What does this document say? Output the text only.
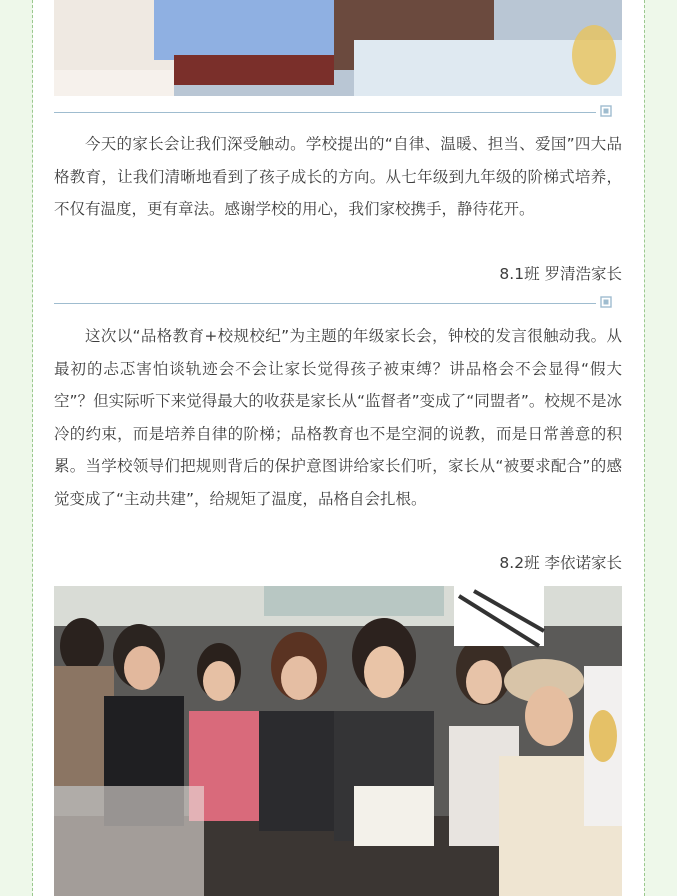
今天的家长会让我们深受触动。学校提出的“自律、温暖、担当、爱国”四大品格教育，让我们清晰地看到了孩子成长的方向。从七年级到九年级的阶梯式培养，不仅有温度，更有章法。感谢学校的用心，我们家校携手，静待花开。

8.1班 罗清浩家长

这次以“品格教育+校规校纪”为主题的年级家长会，钟校的发言很触动我。从最初的忐忑害怕谈轨迹会不会让家长觉得孩子被束缚？讲品格会不会显得“假大空”？但实际听下来觉得最大的收获是家长从“监督者”变成了“同盟者”。校规不是冰冷的约束，而是培养自律的阶梯；品格教育也不是空洞的说教，而是日常善意的积累。当学校领导们把规则背后的保护意图讲给家长们听，家长从“被要求配合”的感觉变成了“主动共建”，给规矩了温度，品格自会扎根。

8.2班 李依诺家长
